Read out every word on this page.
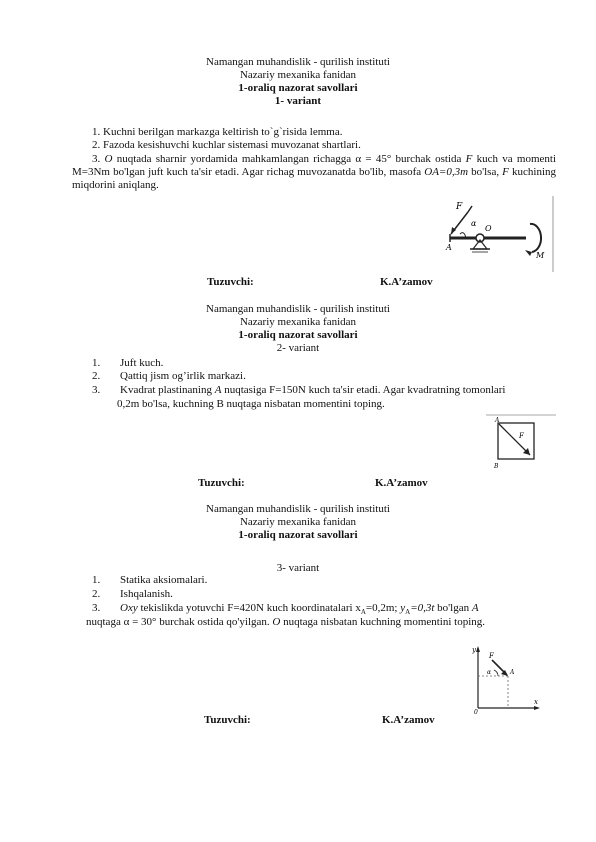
Namangan muhandislik - qurilish instituti
Nazariy mexanika fanidan
1-oraliq nazorat savollari
1- variant
1. Kuchni berilgan markazga keltirish to`g`risida lemma.
2. Fazoda kesishuvchi kuchlar sistemasi muvozanat shartlari.
3. O nuqtada sharnir yordamida mahkamlangan richagga α = 45° burchak ostida F kuch va momenti M=3Nm bo'lgan juft kuch ta'sir etadi. Agar richag muvozanatda bo'lib, masofa OA=0,3m bo'lsa, F kuchining miqdorini aniqlang.
F
α
O
A
M
Tuzuvchi:	K.A’zamov
Namangan muhandislik - qurilish instituti
Nazariy mexanika fanidan
1-oraliq nazorat savollari
2- variant
1. Juft kuch.
2. Qattiq jism og’irlik markazi.
3. Kvadrat plastinaning A nuqtasiga F=150N kuch ta'sir etadi. Agar kvadratning tomonlari
0,2m bo'lsa, kuchning B nuqtaga nisbatan momentini toping.
A
B
F
Tuzuvchi:	K.A’zamov
Namangan muhandislik - qurilish instituti
Nazariy mexanika fanidan
1-oraliq nazorat savollari
3- variant
1. Statika aksiomalari.
2. Ishqalanish.
3. Oxy tekislikda yotuvchi F=420N kuch koordinatalari $x_A=0,2m$; $y_A=0,3t$ bo'lgan A
nuqtaga α = 30° burchak ostida qo'yilgan. O nuqtaga nisbatan kuchning momentini toping.
y
x
F
α
0
A
Tuzuvchi:	K.A’zamov
